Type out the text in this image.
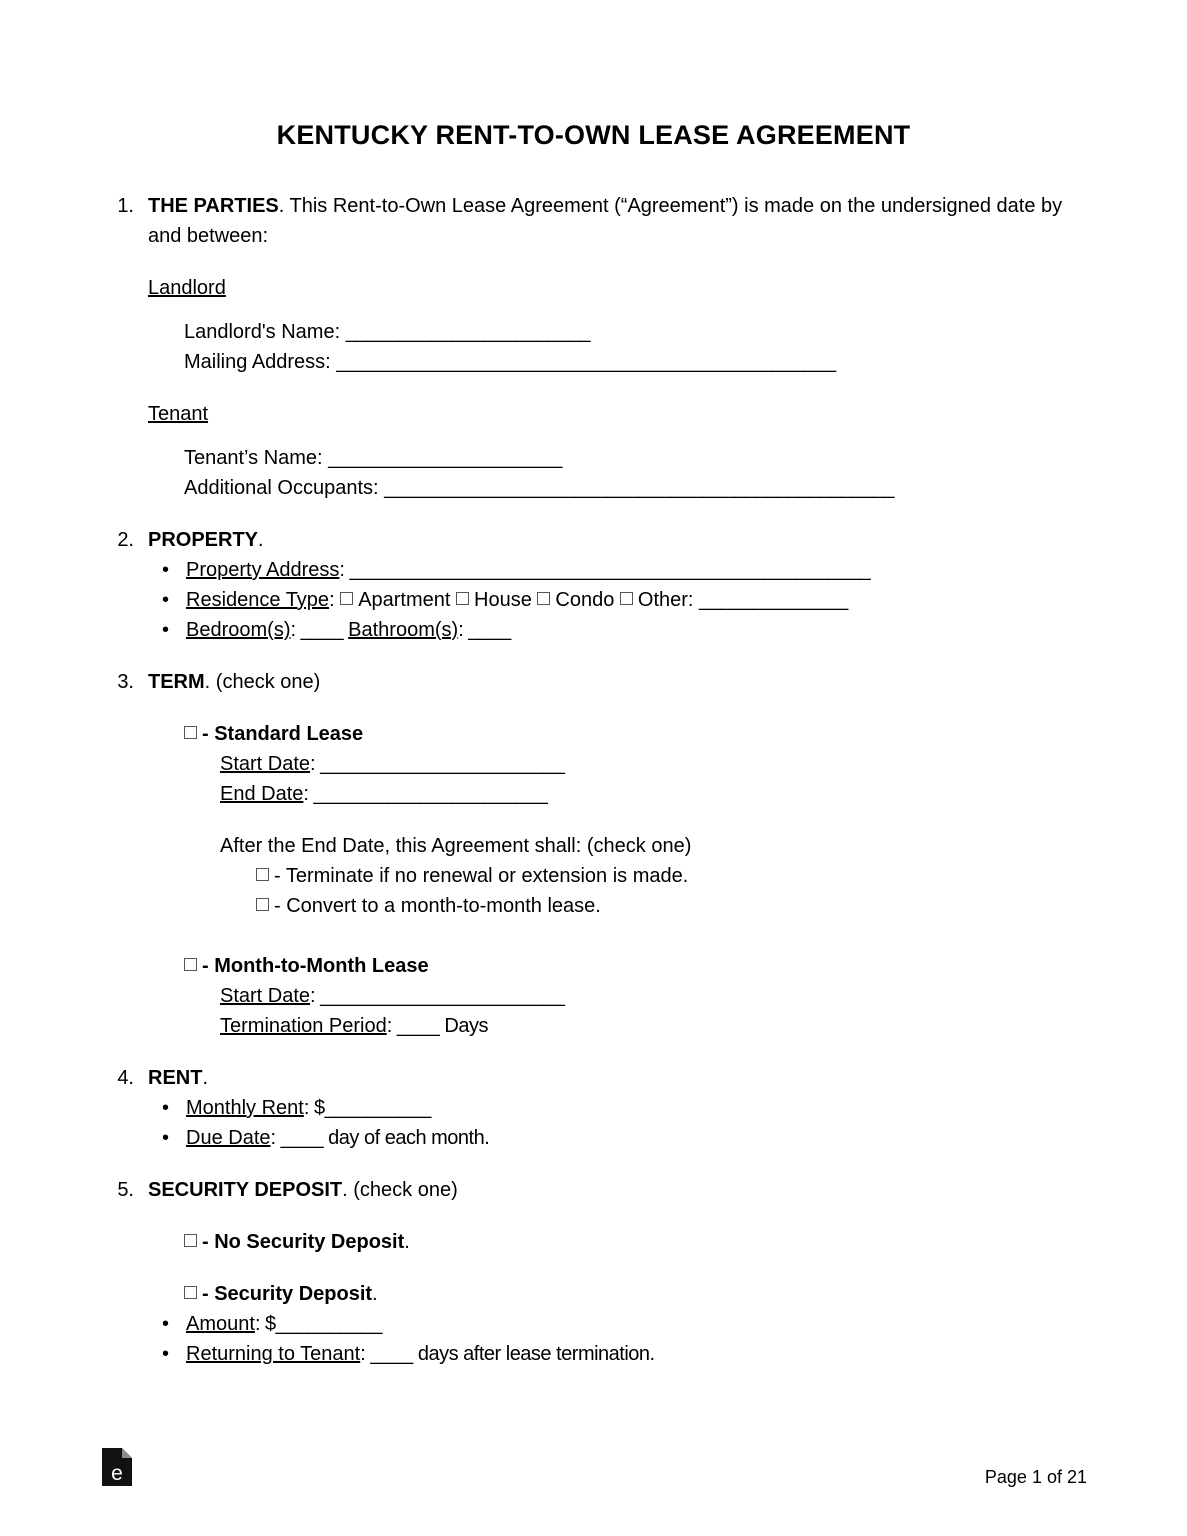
KENTUCKY RENT-TO-OWN LEASE AGREEMENT
1. THE PARTIES. This Rent-to-Own Lease Agreement (“Agreement”) is made on the undersigned date by and between:
Landlord
Landlord's Name: _______________________
Mailing Address: _______________________________________________
Tenant
Tenant’s Name: ______________________
Additional Occupants: ________________________________________________
2. PROPERTY.
• Property Address: _________________________________________________
• Residence Type: Apartment House Condo Other: ______________
• Bedroom(s): ____ Bathroom(s): ____
3. TERM. (check one)
- Standard Lease
Start Date: _______________________
End Date: ______________________
After the End Date, this Agreement shall: (check one)
- Terminate if no renewal or extension is made.
- Convert to a month-to-month lease.
- Month-to-Month Lease
Start Date: _______________________
Termination Period: ____ Days
4. RENT.
• Monthly Rent: $__________
• Due Date: ____ day of each month.
5. SECURITY DEPOSIT. (check one)
- No Security Deposit.
- Security Deposit.
• Amount: $__________
• Returning to Tenant: ____ days after lease termination.
e	Page 1 of 21
